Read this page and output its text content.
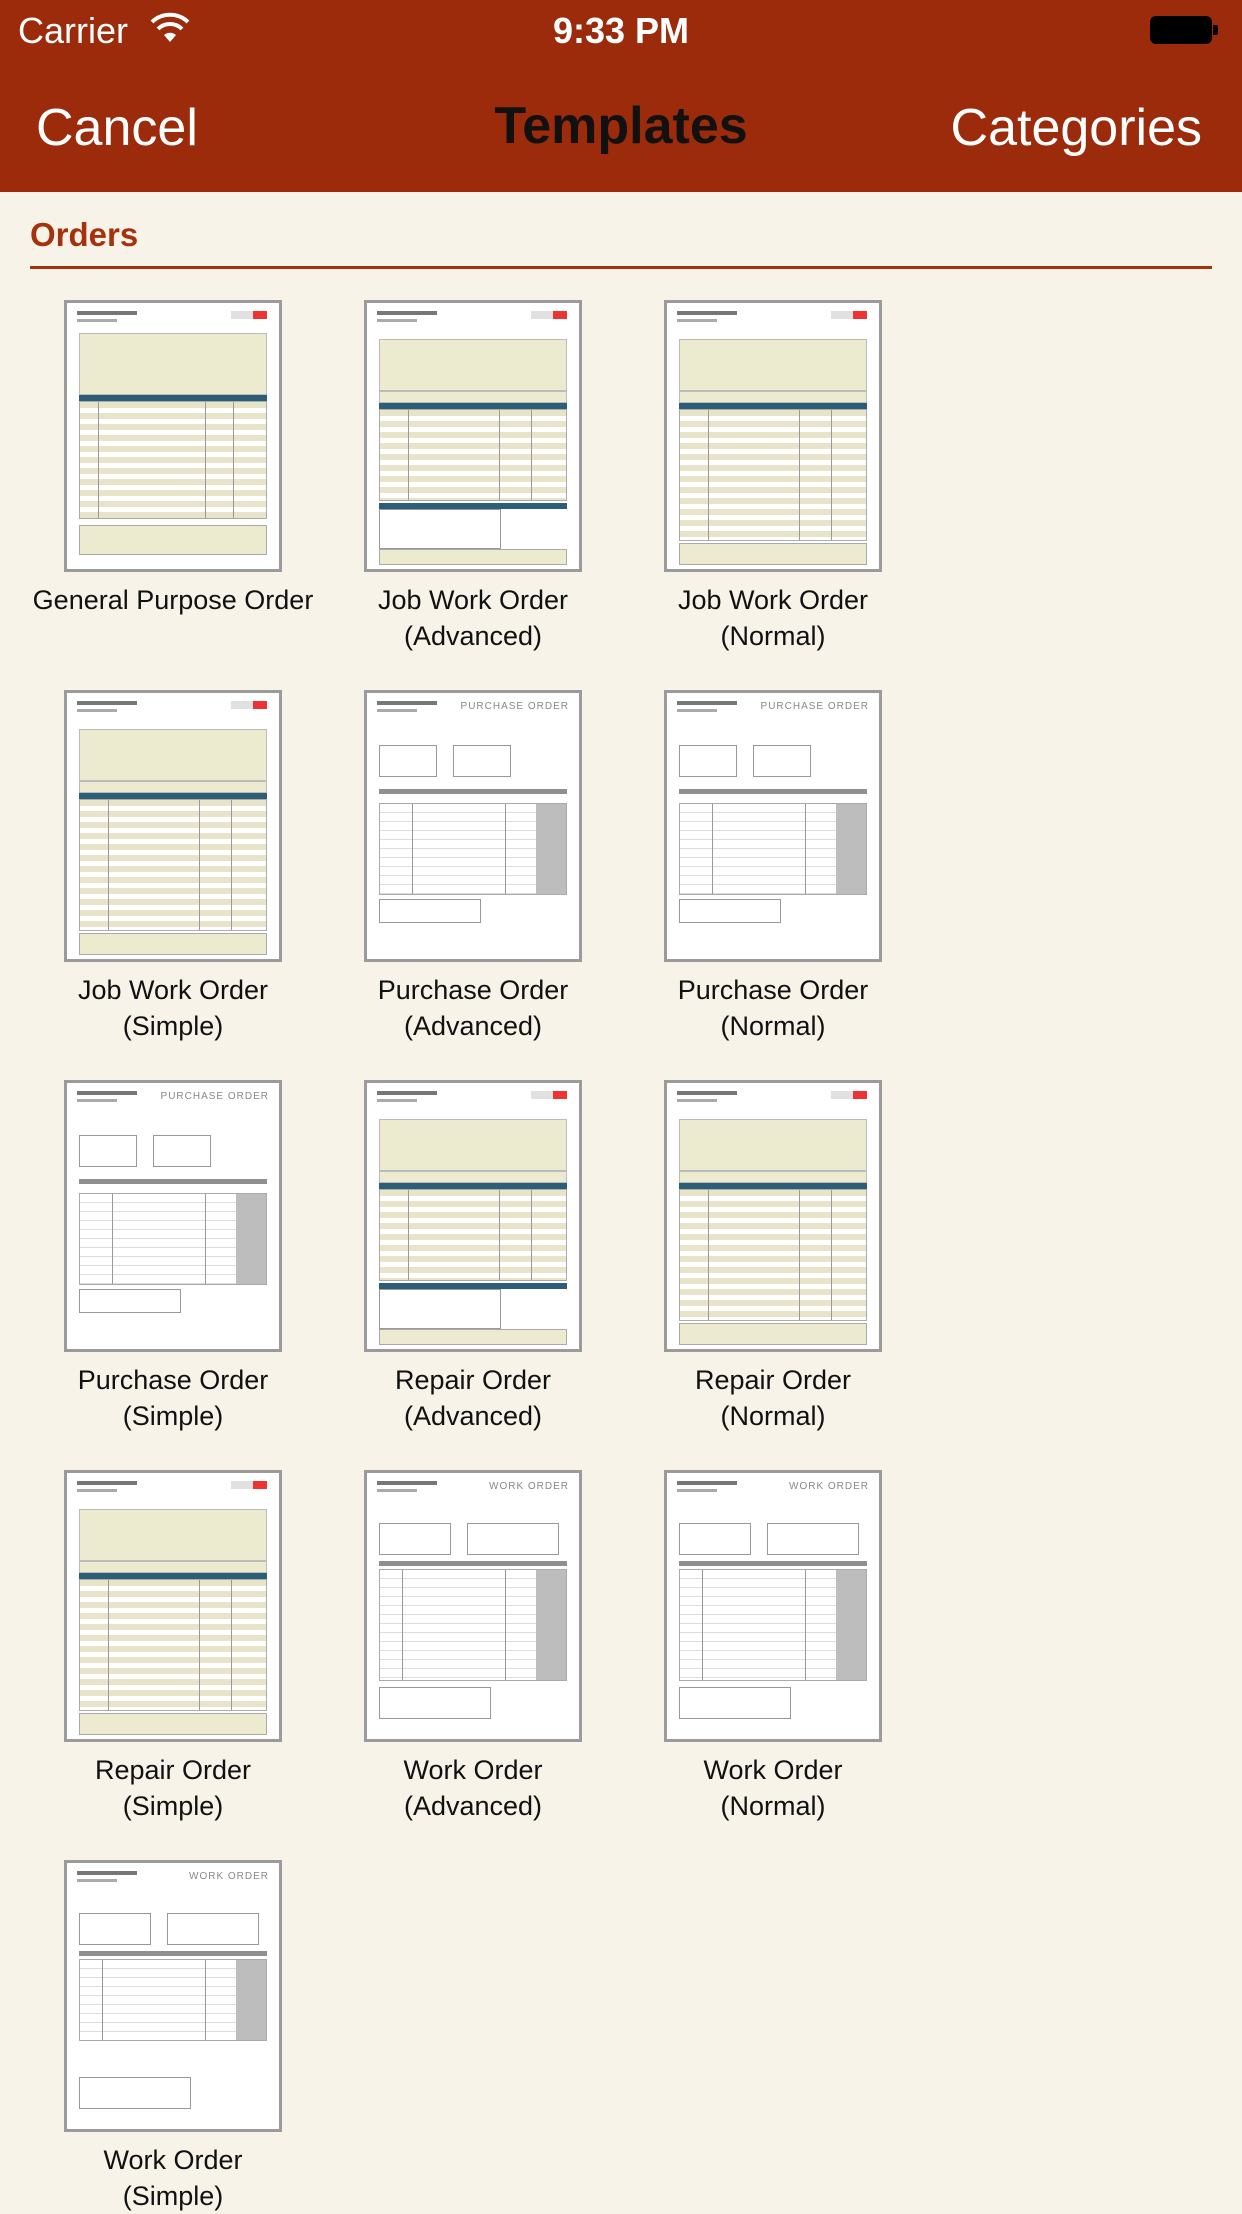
Carrier	9:33 PM
Cancel	Templates	Categories
Orders
General Purpose Order	Job Work Order
(Advanced)
Job Work Order
(Normal)
Job Work Order
(Simple)
PURCHASE ORDER
Purchase Order
(Advanced)
PURCHASE ORDER
Purchase Order
(Normal)
PURCHASE ORDER
Purchase Order
(Simple)
Repair Order
(Advanced)
Repair Order
(Normal)
Repair Order
(Simple)
WORK ORDER
Work Order
(Advanced)
WORK ORDER
Work Order
(Normal)
WORK ORDER
Work Order
(Simple)
